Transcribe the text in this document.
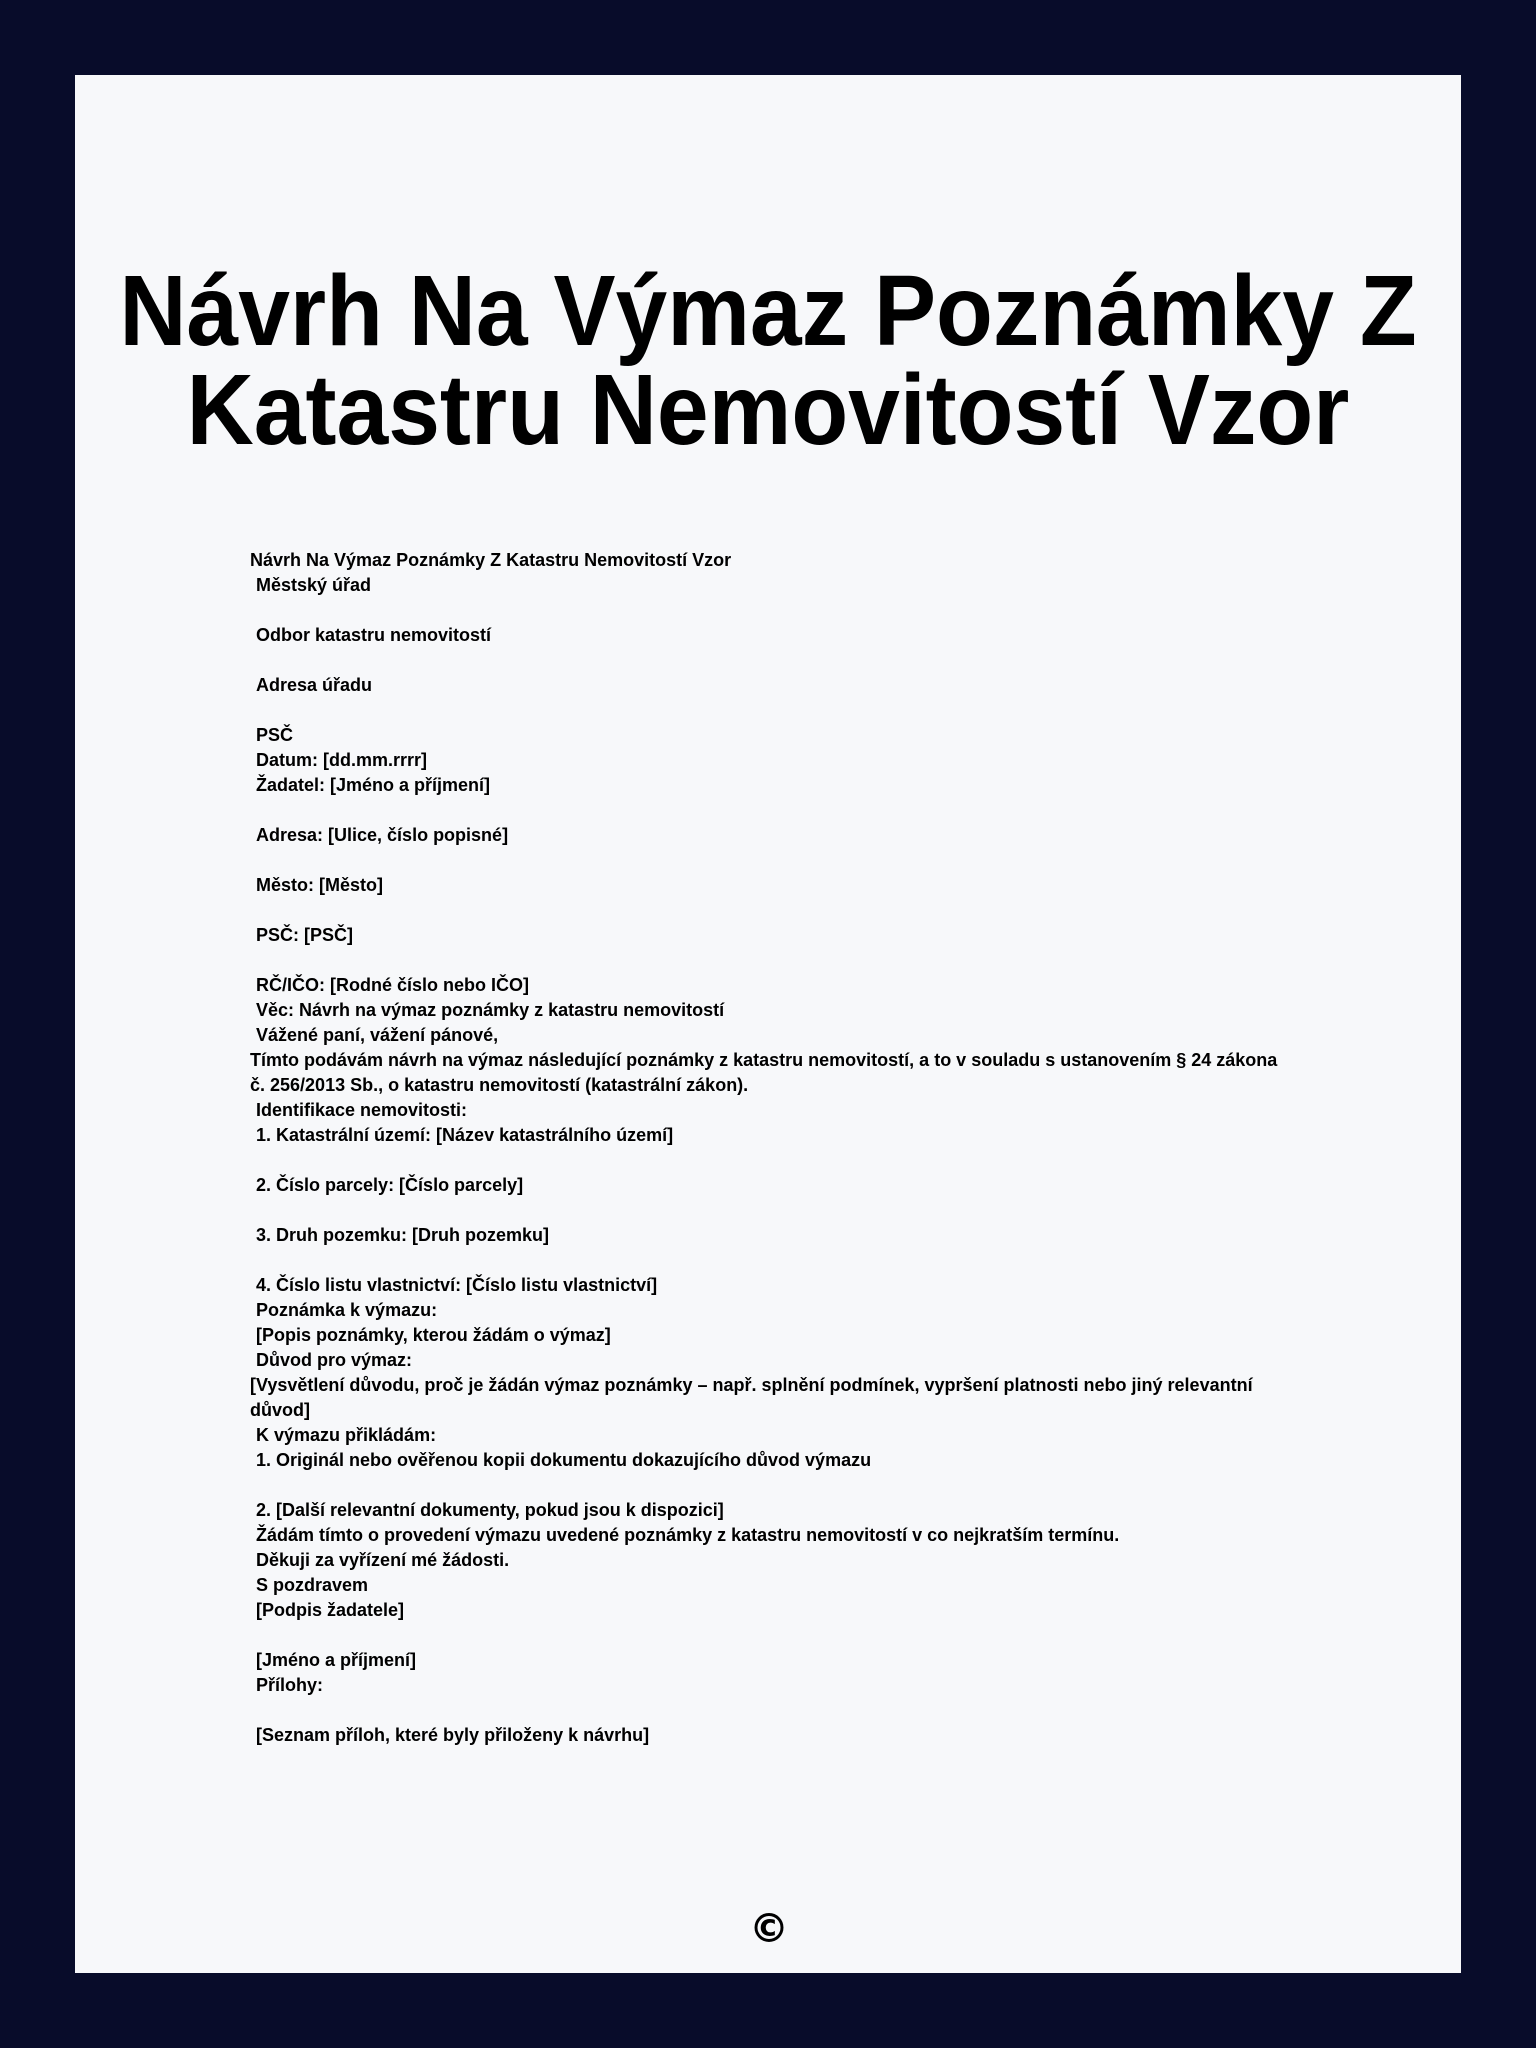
Návrh Na Výmaz Poznámky Z
Katastru Nemovitostí Vzor
Návrh Na Výmaz Poznámky Z Katastru Nemovitostí Vzor
Městský úřad
Odbor katastru nemovitostí
Adresa úřadu
PSČ
Datum: [dd.mm.rrrr]
Žadatel: [Jméno a příjmení]
Adresa: [Ulice, číslo popisné]
Město: [Město]
PSČ: [PSČ]
RČ/IČO: [Rodné číslo nebo IČO]
Věc: Návrh na výmaz poznámky z katastru nemovitostí
Vážené paní, vážení pánové,
Tímto podávám návrh na výmaz následující poznámky z katastru nemovitostí, a to v souladu s ustanovením § 24 zákona č. 256/2013 Sb., o katastru nemovitostí (katastrální zákon).
Identifikace nemovitosti:
1. Katastrální území: [Název katastrálního území]
2. Číslo parcely: [Číslo parcely]
3. Druh pozemku: [Druh pozemku]
4. Číslo listu vlastnictví: [Číslo listu vlastnictví]
Poznámka k výmazu:
[Popis poznámky, kterou žádám o výmaz]
Důvod pro výmaz:
[Vysvětlení důvodu, proč je žádán výmaz poznámky – např. splnění podmínek, vypršení platnosti nebo jiný relevantní důvod]
K výmazu přikládám:
1. Originál nebo ověřenou kopii dokumentu dokazujícího důvod výmazu
2. [Další relevantní dokumenty, pokud jsou k dispozici]
Žádám tímto o provedení výmazu uvedené poznámky z katastru nemovitostí v co nejkratším termínu.
Děkuji za vyřízení mé žádosti.
S pozdravem
[Podpis žadatele]
[Jméno a příjmení]
Přílohy:
[Seznam příloh, které byly přiloženy k návrhu]
©
